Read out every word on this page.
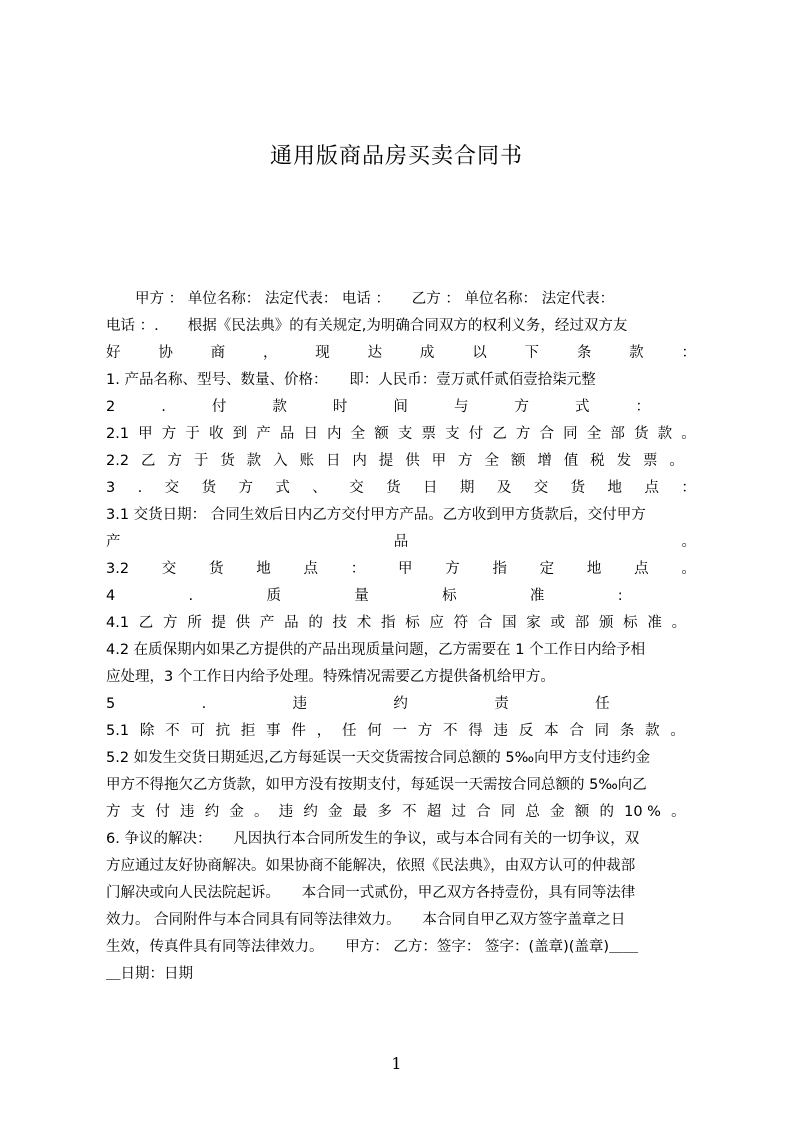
通用版商品房买卖合同书
　　甲方 ： 单位名称： 法定代表： 电话 ：　　乙方 ： 单位名称： 法定代表：
电话 ：.　　根据《民法典》的有关规定,为明确合同双方的权利义务，经过双方友
好	协	商	，	现	达	成	以	下	条	款	：
1. 产品名称、型号、数量、价格：　　即：人民币：壹万贰仟贰佰壹拾柒元整
2	.	付	款	时	间	与	方	式	：
2.1 甲 方 于 收 到 产 品 日 内 全 额 支 票 支 付 乙 方 合 同 全 部 货 款 。
2.2 乙 方 于 货 款 入 账 日 内 提 供 甲 方 全 额 增 值 税 发 票 。
3 . 交 货 方 式 、 交 货 日 期 及 交 货 地 点 ：
3.1 交货日期： 合同生效后日内乙方交付甲方产品。乙方收到甲方货款后，交付甲方
产	品	。
3.2 交 货 地 点 ： 甲 方 指 定 地 点 。
4	.	质	量	标	准	:
4.1 乙 方 所 提 供 产 品 的 技 术 指 标 应 符 合 国 家 或 部 颁 标 准 。
4.2 在质保期内如果乙方提供的产品出现质量问题，乙方需要在 1 个工作日内给予相
应处理，3 个工作日内给予处理。特殊情况需要乙方提供备机给甲方。
5	.	违	约	责	任
5.1 除 不 可 抗 拒 事 件 ， 任 何 一 方 不 得 违 反 本 合 同 条 款 。
5.2 如发生交货日期延迟,乙方每延误一天交货需按合同总额的 5‰向甲方支付违约金
甲方不得拖欠乙方货款，如甲方没有按期支付，每延误一天需按合同总额的 5‰向乙
方 支 付 违 约 金 。 违 约 金 最 多 不 超 过 合 同 总 金 额 的 10 % 。
6. 争议的解决：　　凡因执行本合同所发生的争议，或与本合同有关的一切争议，双
方应通过友好协商解决。如果协商不能解决，依照《民法典》，由双方认可的仲裁部
门解决或向人民法院起诉。　　本合同一式贰份，甲乙双方各持壹份，具有同等法律
效力。 合同附件与本合同具有同等法律效力。　　本合同自甲乙双方签字盖章之日
生效，传真件具有同等法律效力。　　甲方： 乙方：签字： 签字：(盖章)(盖章)＿＿
＿日期：日期
1
